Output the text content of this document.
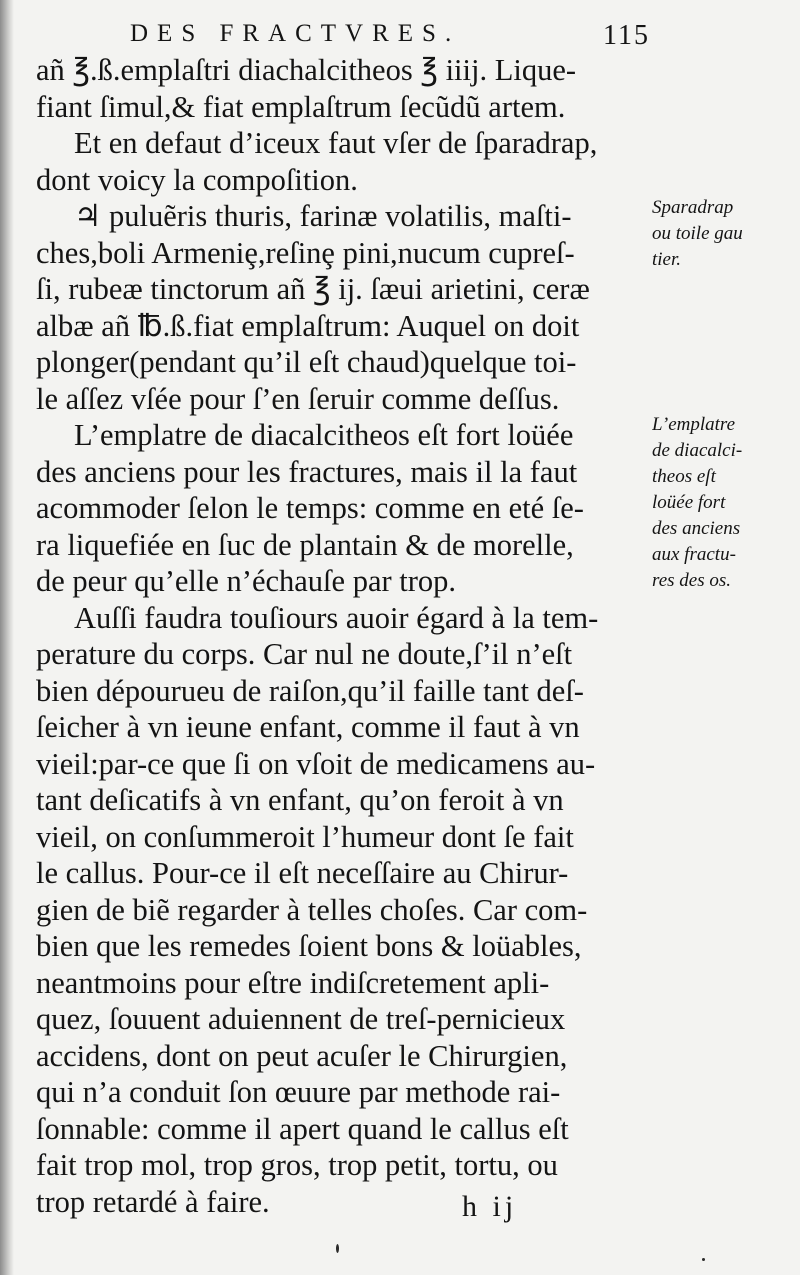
DES FRACTVRES.	115
añ ℥.ß.emplaſtri diachalcitheos ℥ iiij. Lique-
fiant ſimul,& fiat emplaſtrum ſecũdũ artem.
Et en defaut d’iceux faut vſer de ſparadrap,
dont voicy la compoſition.
♃ puluẽris thuris, farinæ volatilis, maſti-
ches,boli Armeniȩ,reſinȩ pini,nucum cupreſ-
ſi, rubeæ tinctorum añ ℥ ij. ſæui arietini, ceræ
albæ añ ℔.ß.fiat emplaſtrum: Auquel on doit
plonger(pendant qu’il eſt chaud)quelque toi-
le aſſez vſée pour ſ’en ſeruir comme deſſus.
L’emplatre de diacalcitheos eſt fort loüée
des anciens pour les fractures, mais il la faut
acommoder ſelon le temps: comme en eté ſe-
ra liquefiée en ſuc de plantain & de morelle,
de peur qu’elle n’échauſe par trop.
Auſſi faudra touſiours auoir égard à la tem-
perature du corps. Car nul ne doute,ſ’il n’eſt
bien dépourueu de raiſon,qu’il faille tant deſ-
ſeicher à vn ieune enfant, comme il faut à vn
vieil:par-ce que ſi on vſoit de medicamens au-
tant deſicatifs à vn enfant, qu’on feroit à vn
vieil, on conſummeroit l’humeur dont ſe fait
le callus. Pour-ce il eſt neceſſaire au Chirur-
gien de biẽ regarder à telles choſes. Car com-
bien que les remedes ſoient bons & loüables,
neantmoins pour eſtre indiſcretement apli-
quez, ſouuent aduiennent de treſ-pernicieux
accidens, dont on peut acuſer le Chirurgien,
qui n’a conduit ſon œuure par methode rai-
ſonnable: comme il apert quand le callus eſt
fait trop mol, trop gros, trop petit, tortu, ou
trop retardé à faire.
Sparadrap
ou toile gau
tier.
L’emplatre
de diacalci-
theos eſt
loüée fort
des anciens
aux fractu-
res des os.
h ij
